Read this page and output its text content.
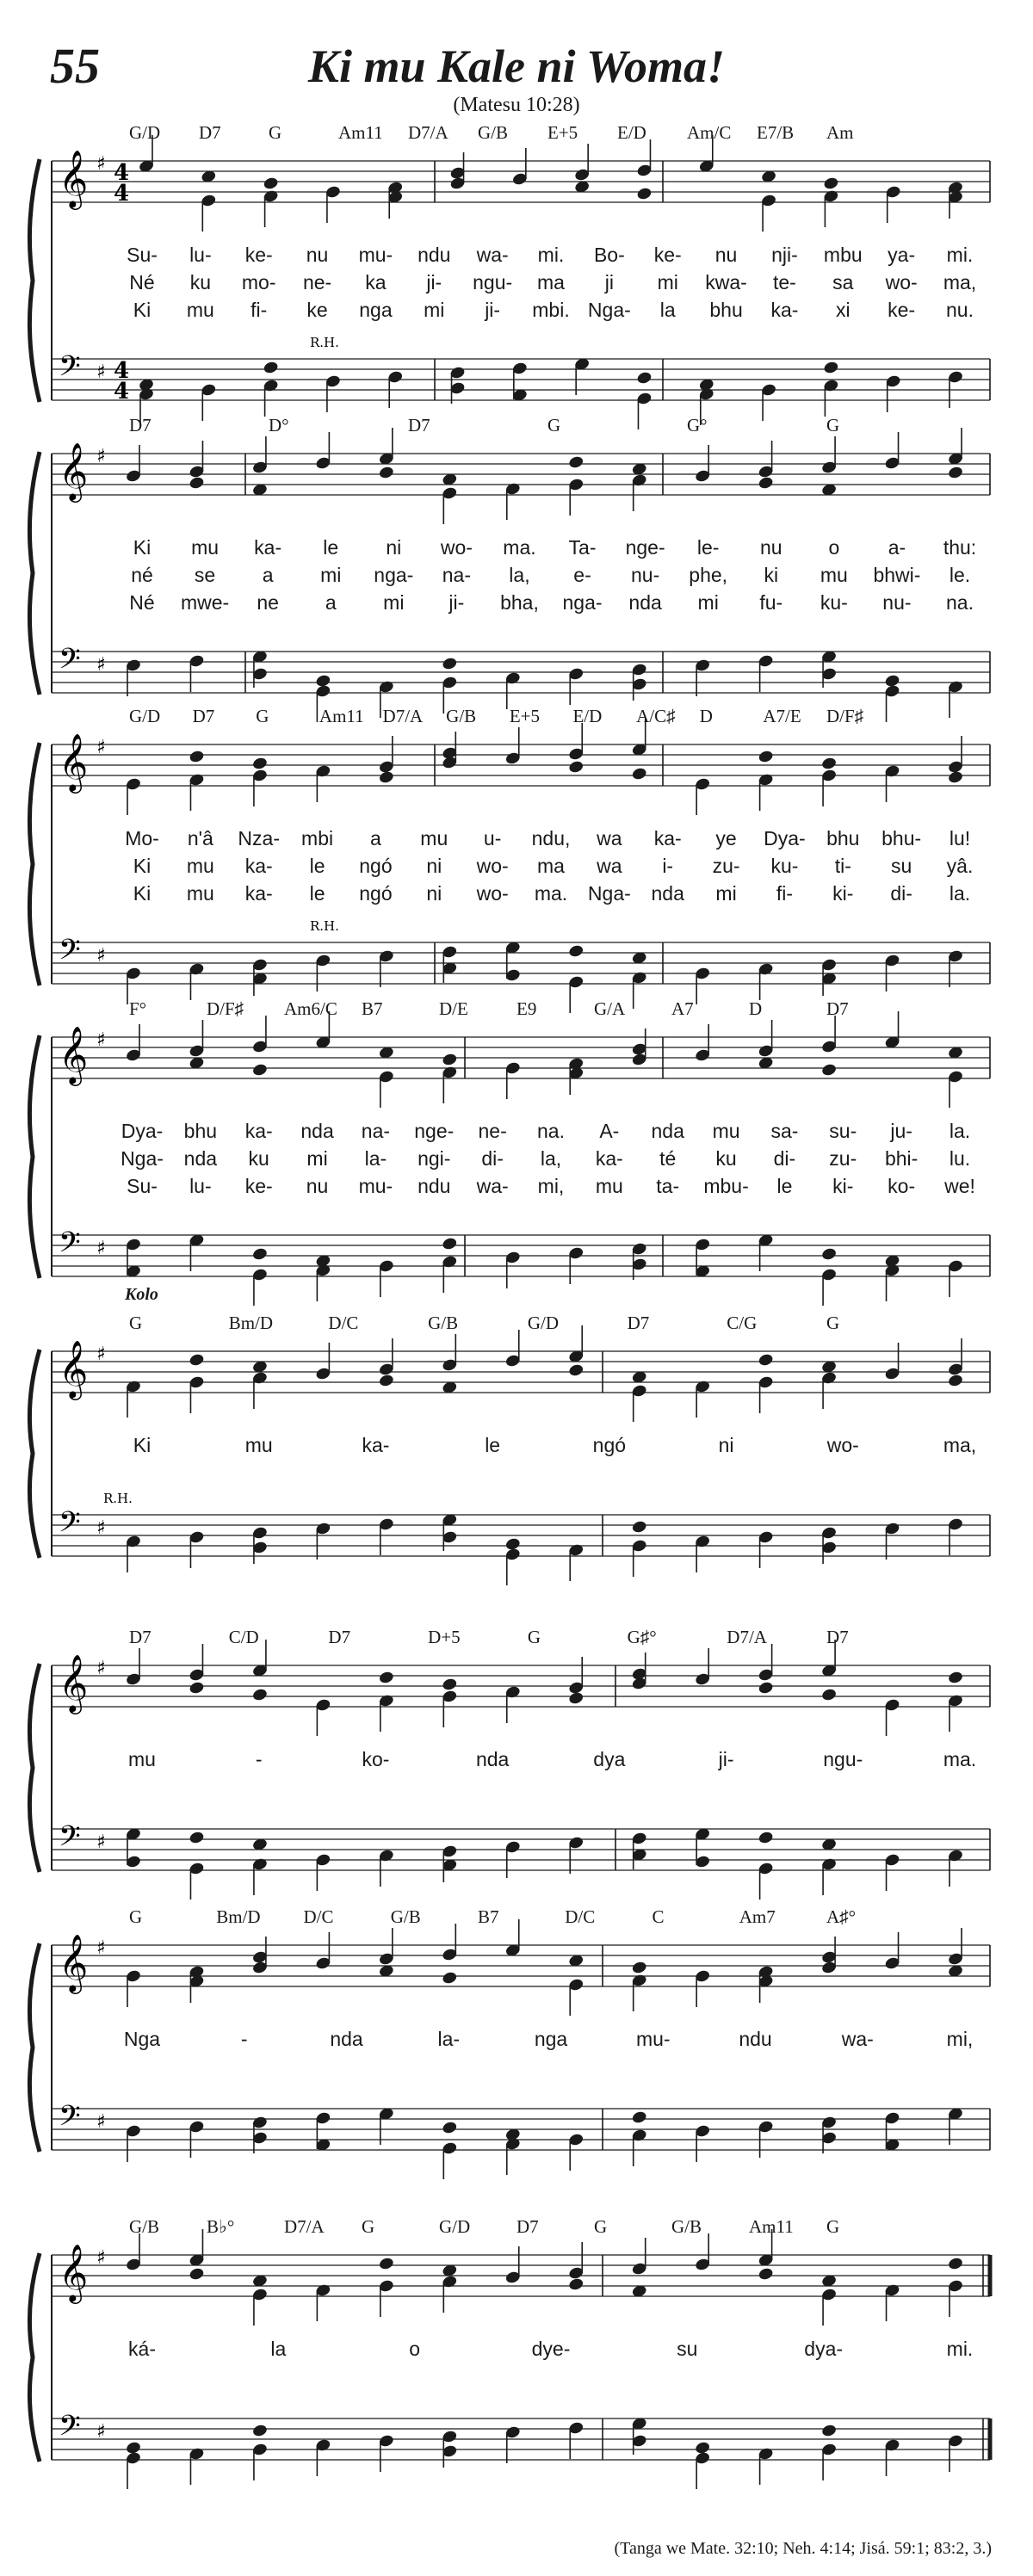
55	Ki mu Kale ni Woma!
(Matesu 10:28)
G/D D7	G	Am11 D7/A G/B E+5 E/D Am/C E7/B Am
𝄞 ♯ 4
4
𝄢 ♯ 4
4
R.H.
Su- lu- ke- nu mu- ndu wa- mi. Bo- ke- nu nji- mbu ya- mi.
Né ku mo- ne- ka ji- ngu- ma ji mi kwa- te- sa wo- ma,
Ki mu fi- ke nga mi ji- mbi. Nga- la bhu ka- xi ke- nu.
D7	D°	D7	G	G°	G
𝄞 ♯
𝄢 ♯
Ki mu ka- le ni wo- ma. Ta- nge- le- nu o a- thu:
né se a mi nga- na- la, e- nu- phe, ki mu bhwi- le.
Né mwe- ne a mi ji- bha, nga- nda mi fu- ku- nu- na.
G/D D7 G	Am11 D7/A G/B E+5 E/D A/C♯ D	A7/E D/F♯
𝄞 ♯
𝄢 ♯
R.H.
Mo- n'â Nza- mbi a mu u- ndu, wa ka- ye Dya- bhu bhu- lu!
Ki mu ka- le ngó ni wo- ma wa i- zu- ku- ti- su yâ.
Ki mu ka- le ngó ni wo- ma. Nga- nda mi fi- ki- di- la.
F°	D/F♯ Am6/C B7	D/E	E9	G/A	A7	D	D7
𝄞 ♯
𝄢 ♯
Dya- bhu ka- nda na- nge- ne- na. A- nda mu sa- su- ju- la.
Nga- nda ku mi la- ngi- di- la, ka- té ku di- zu- bhi- lu.
Su- lu- ke- nu mu- ndu wa- mi, mu ta- mbu- le ki- ko- we!
G	Bm/D	D/C	G/B	G/D	D7	C/G	G
Kolo
𝄞 ♯
𝄢 ♯
R.H.
Ki	mu	ka-	le	ngó	ni	wo-	ma,
D7	C/D	D7	D+5	G	G♯°	D7/A	D7
𝄞 ♯
𝄢 ♯
mu	-	ko-	nda	dya	ji-	ngu-	ma.
G	Bm/D D/C	G/B	B7	D/C	C	Am7	A♯°
𝄞 ♯
𝄢 ♯
Nga	-	nda	la-	nga	mu-	ndu	wa-	mi,
G/B	B♭°	D7/A G	G/D	D7	G	G/B	Am11 G
𝄞 ♯
𝄢 ♯
ká-	la	o	dye-	su	dya-	mi.
(Tanga we Mate. 32:10; Neh. 4:14; Jisá. 59:1; 83:2, 3.)
